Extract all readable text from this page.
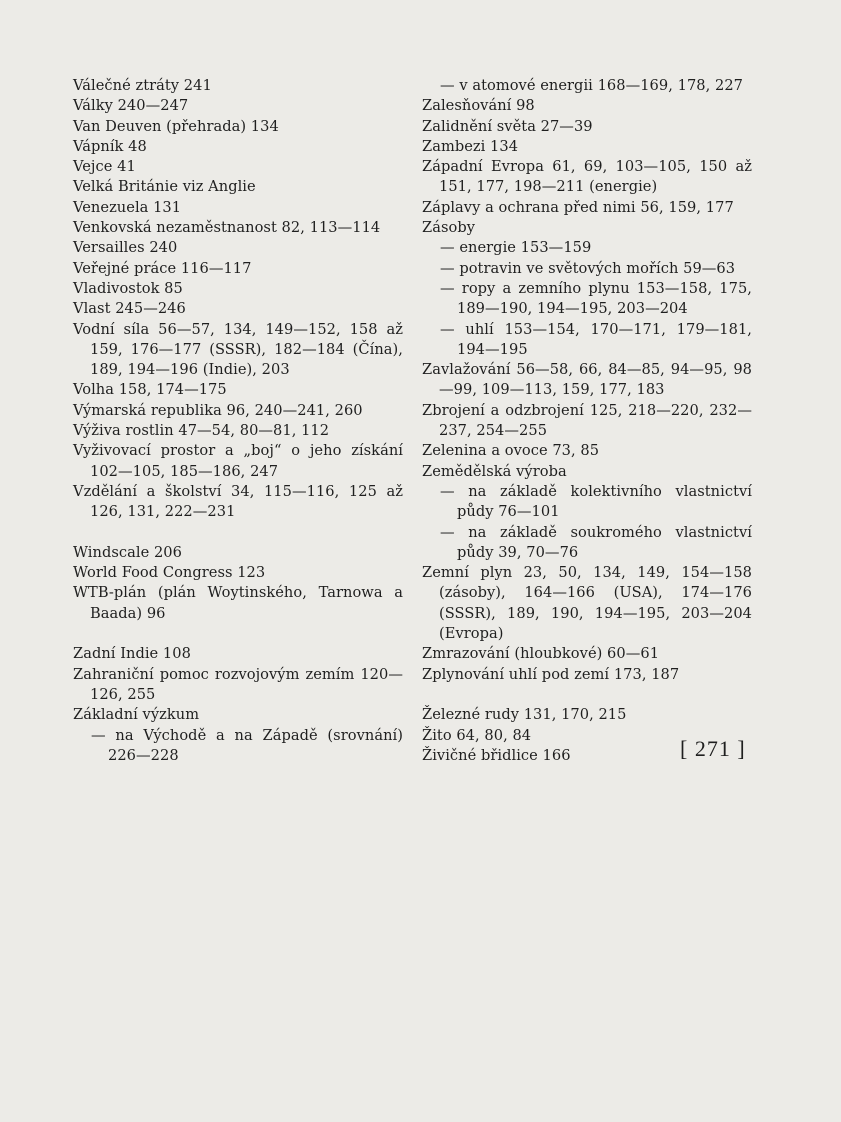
Válečné ztráty 241
Války 240—247
Van Deuven (přehrada) 134
Vápník 48
Vejce 41
Velká Británie viz Anglie
Venezuela 131
Venkovská nezaměstnanost 82, 113—114
Versailles 240
Veřejné práce 116—117
Vladivostok 85
Vlast 245—246
Vodní síla 56—57, 134, 149—152, 158 až 159, 176—177 (SSSR), 182—184 (Čína), 189, 194—196 (Indie), 203
Volha 158, 174—175
Výmarská republika 96, 240—241, 260
Výživa rostlin 47—54, 80—81, 112
Vyživovací prostor a „boj“ o jeho získání 102—105, 185—186, 247
Vzdělání a školství 34, 115—116, 125 až 126, 131, 222—231
Windscale 206
World Food Congress 123
WTB-plán (plán Woytinského, Tarnowa a Baada) 96
Zadní Indie 108
Zahraniční pomoc rozvojovým zemím 120—126, 255
Základní výzkum
— na Východě a na Západě (srovnání) 226—228
— v atomové energii 168—169, 178, 227
Zalesňování 98
Zalidnění světa 27—39
Zambezi 134
Západní Evropa 61, 69, 103—105, 150 až 151, 177, 198—211 (energie)
Záplavy a ochrana před nimi 56, 159, 177
Zásoby
— energie 153—159
— potravin ve světových mořích 59—63
— ropy a zemního plynu 153—158, 175, 189—190, 194—195, 203—204
— uhlí 153—154, 170—171, 179—181, 194—195
Zavlažování 56—58, 66, 84—85, 94—95, 98—99, 109—113, 159, 177, 183
Zbrojení a odzbrojení 125, 218—220, 232—237, 254—255
Zelenina a ovoce 73, 85
Zemědělská výroba
— na základě kolektivního vlastnictví půdy 76—101
— na základě soukromého vlastnictví půdy 39, 70—76
Zemní plyn 23, 50, 134, 149, 154—158 (zásoby), 164—166 (USA), 174—176 (SSSR), 189, 190, 194—195, 203—204 (Evropa)
Zmrazování (hloubkové) 60—61
Zplynování uhlí pod zemí 173, 187
Železné rudy 131, 170, 215
Žito 64, 80, 84
Živičné břidlice 166	[ 271 ]
